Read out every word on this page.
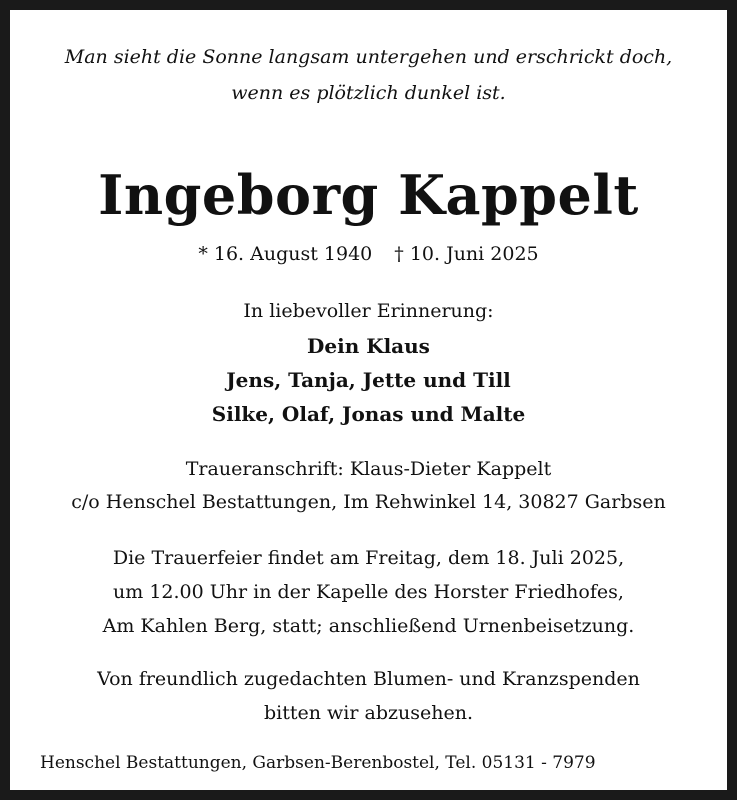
Man sieht die Sonne langsam untergehen und erschrickt doch,
wenn es plötzlich dunkel ist.
Ingeborg Kappelt
* 16. August 1940 † 10. Juni 2025
In liebevoller Erinnerung:
Dein Klaus
Jens, Tanja, Jette und Till
Silke, Olaf, Jonas und Malte
Traueranschrift: Klaus-Dieter Kappelt
c/o Henschel Bestattungen, Im Rehwinkel 14, 30827 Garbsen
Die Trauerfeier findet am Freitag, dem 18. Juli 2025,
um 12.00 Uhr in der Kapelle des Horster Friedhofes,
Am Kahlen Berg, statt; anschließend Urnenbeisetzung.
Von freundlich zugedachten Blumen- und Kranzspenden
bitten wir abzusehen.
Henschel Bestattungen, Garbsen-Berenbostel, Tel. 05131 - 7979
